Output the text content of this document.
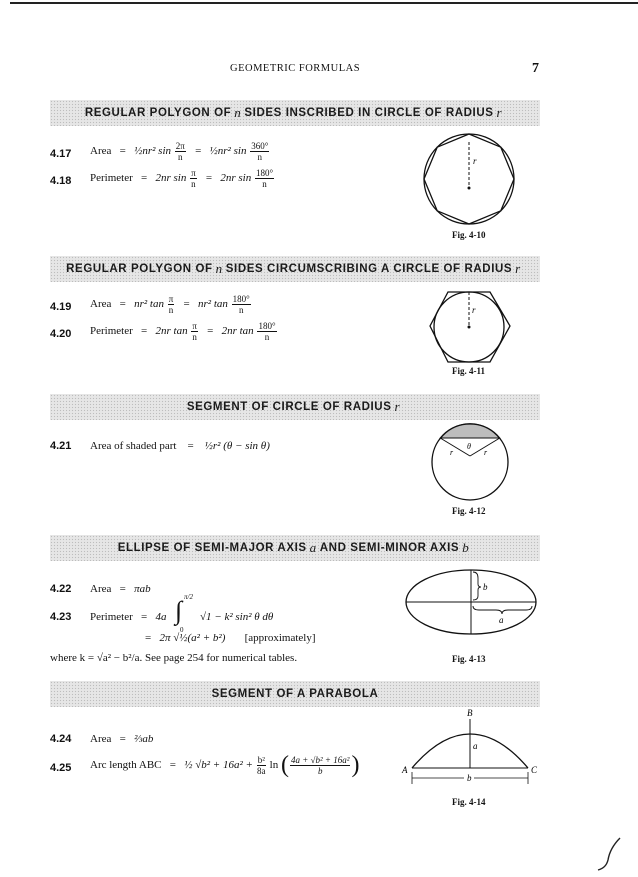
GEOMETRIC FORMULAS	7
REGULAR POLYGON OF n SIDES INSCRIBED IN CIRCLE OF RADIUS r
4.17 Area = ½nr² $\sin \frac{2\pi}{n}$ = ½nr² $\sin \frac{360^\circ}{n}$
4.18 Perimeter = 2nr $\sin \frac{\pi}{n} = 2nr$ $\sin \frac{180^\circ}{n}$
r
Fig. 4-10
REGULAR POLYGON OF n SIDES CIRCUMSCRIBING A CIRCLE OF RADIUS r
4.19 Area = nr² $\tan \frac{\pi}{n} = nr^2$ $\tan \frac{180^\circ}{n}$
4.20 Perimeter = 2nr $\tan \frac{\pi}{n} = 2nr$ $\tan \frac{180^\circ}{n}$
r
Fig. 4-11
SEGMENT OF CIRCLE OF RADIUS r
4.21 Area of shaded part = ½r² (θ − sin θ)
r	r
θ
Fig. 4-12
ELLIPSE OF SEMI-MAJOR AXIS a AND SEMI-MINOR AXIS b
4.22 Area = πab
4.23 Perimeter = 4a ∫ π/2
0
√1 − k² sin² θ dθ
= 2π √½(a² + b²) [approximately]
where k = √a² − b²/a. See page 254 for numerical tables.
b
a
Fig. 4-13
SEGMENT OF A PARABOLA
4.24 Area = ⅔ab
4.25 Arc length ABC = ½ $√b^2 + 16a^2 + \frac{\text{b²}}{8a}$ ln ( $\frac{\text{4a + √b² + 16a²}}{b}$ )
B
A	C
a
b
Fig. 4-14
